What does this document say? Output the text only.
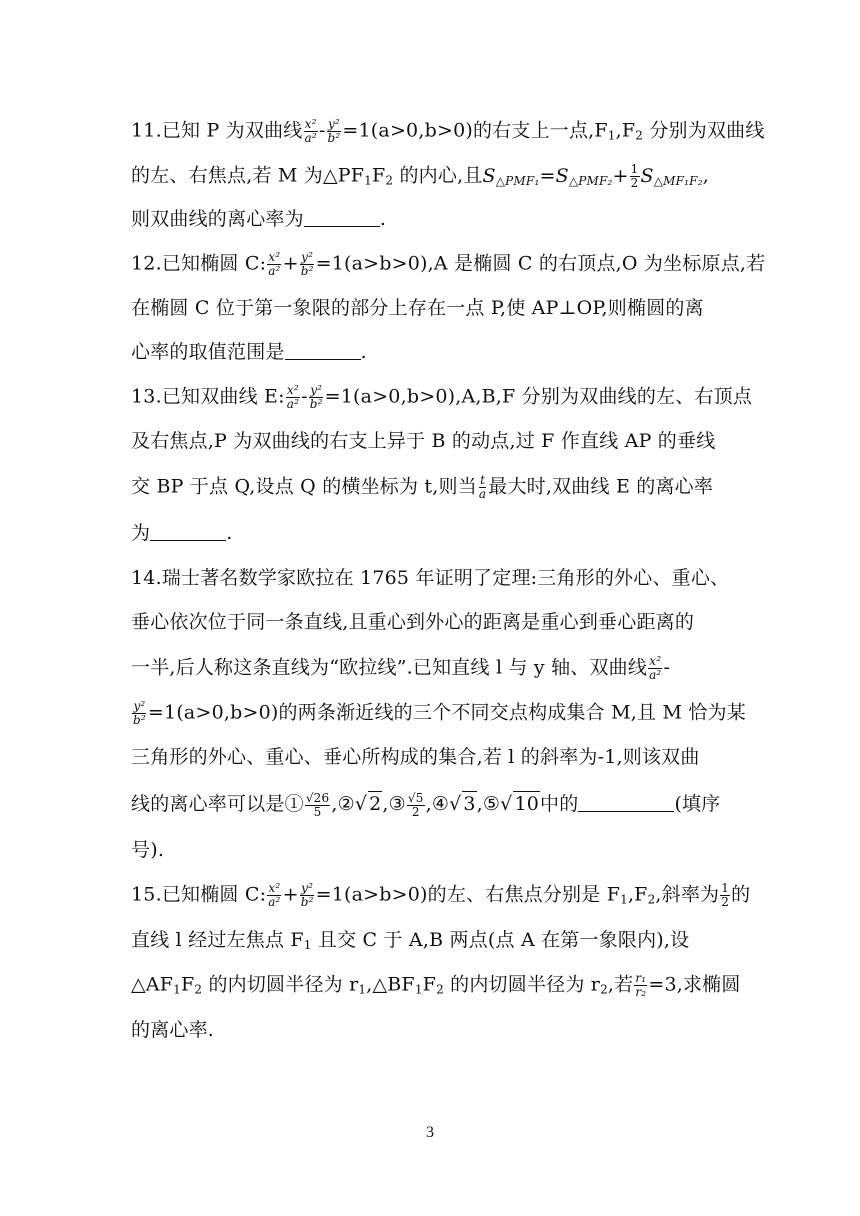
11.已知 P 为双曲线 $\frac{\text{x²}}{\text{a²}} - \frac{\text{y²}}{\text{b²}} =1(a>0,b>0)$的右支上一点$,F_1,F_2$ 分别为双曲线
的左、右焦点,若 M 为$\triangle PF_1F_2$ 的内心,且$S_{\triangle PMF_1}=S_{\triangle PMF_2}+ \frac{1}{2} S_{\triangle MF_1F_2}$,
则双曲线的离心率为	.
12.已知椭圆 C: $\frac{\text{x²}}{\text{a²}} + \frac{\text{y²}}{\text{b²}} =1(a>b>0),A$ 是椭圆 C 的右顶点,O 为坐标原点,若
在椭圆 C 位于第一象限的部分上存在一点 P,使 AP⊥OP,则椭圆的离
心率的取值范围是	.
13.已知双曲线 E: $\frac{\text{x²}}{\text{a²}} - \frac{\text{y²}}{\text{b²}} =1(a>0,b>0),A,B,F$ 分别为双曲线的左、右顶点
及右焦点,P 为双曲线的右支上异于 B 的动点,过 F 作直线 AP 的垂线
交 BP 于点 Q,设点 Q 的横坐标为 t,则当 $\frac{t}{a}$ 最大时,双曲线 E 的离心率
为	.
14.瑞士著名数学家欧拉在 1765 年证明了定理:三角形的外心、重心、
垂心依次位于同一条直线,且重心到外心的距离是重心到垂心距离的
一半,后人称这条直线为“欧拉线”.已知直线 l 与 y 轴、双曲线 $\frac{\text{x²}}{\text{a²}}$ -
$\frac{\text{y²}}{\text{b²}} =1(a>0,b>0)$的两条渐近线的三个不同交点构成集合 M,且 M 恰为某
三角形的外心、重心、垂心所构成的集合,若 l 的斜率为-1,则该双曲
线的离心率可以是① $\frac{√26}{5}$ ,②√ 2,③ $\frac{√5}{2}$ ,④√ 3,⑤√ 10中的	(填序
号).
15.已知椭圆 C: $\frac{\text{x²}}{\text{a²}} + \frac{\text{y²}}{\text{b²}} =1(a>b>0)$的左、右焦点分别是 $F_1,F_2$,斜率为 $\frac{1}{2}$ 的
直线 l 经过左焦点 $F_1$ 且交 C 于 A,B 两点(点 A 在第一象限内),设
$\triangle AF_1F_2$ 的内切圆半径为 $r_1,\triangle BF_1F_2$ 的内切圆半径为 $r_2$,若 $\frac{\text{r₁}}{\text{r₂}} =3$,求椭圆
的离心率.
3
